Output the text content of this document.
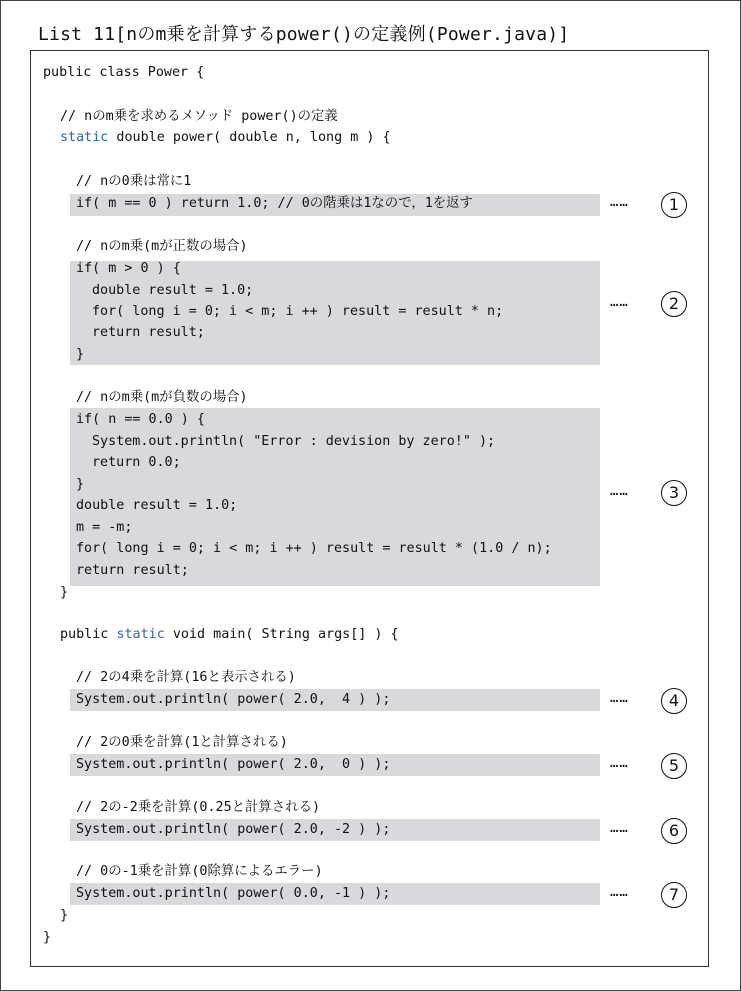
List 11[nのm乗を計算するpower()の定義例(Power.java)]
public class Power {
// nのm乗を求めるメソッド power()の定義
static double power( double n, long m ) {
// nの0乗は常に1
if( m == 0 ) return 1.0; // 0の階乗は1なので，1を返す
// nのm乗(mが正数の場合)
if( m > 0 ) {
double result = 1.0;
for( long i = 0; i < m; i ++ ) result = result * n;
return result;
}
// nのm乗(mが負数の場合)
if( n == 0.0 ) {
System.out.println( "Error : devision by zero!" );
return 0.0;
}
double result = 1.0;
m = -m;
for( long i = 0; i < m; i ++ ) result = result * (1.0 / n);
return result;
}
public static void main( String args[] ) {
// 2の4乗を計算(16と表示される)
System.out.println( power( 2.0,  4 ) );
// 2の0乗を計算(1と計算される)
System.out.println( power( 2.0,  0 ) );
// 2の-2乗を計算(0.25と計算される)
System.out.println( power( 2.0, -2 ) );
// 0の-1乗を計算(0除算によるエラー)
System.out.println( power( 0.0, -1 ) );
}
}
……	1
……	2
……	3
……	4
……	5
……	6
……	7
